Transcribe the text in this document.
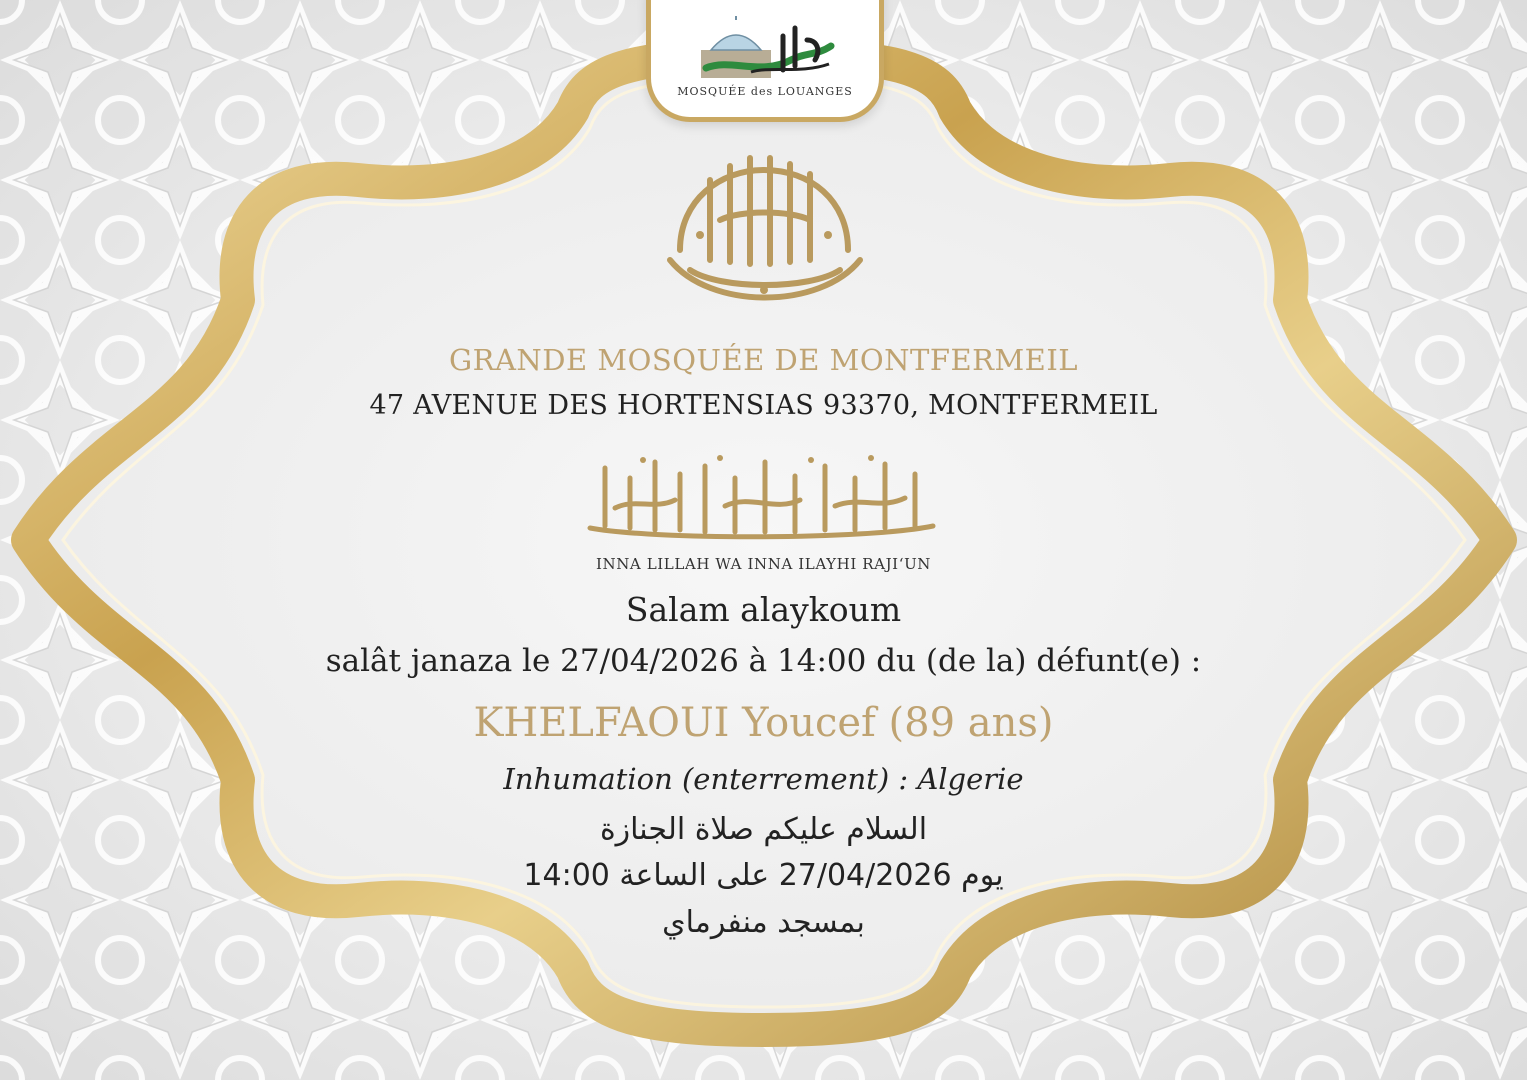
MOSQUÉE des LOUANGES
GRANDE MOSQUÉE DE MONTFERMEIL
47 AVENUE DES HORTENSIAS 93370, MONTFERMEIL
INNA LILLAH WA INNA ILAYHI RAJI‘UN
Salam alaykoum
salât janaza le 27/04/2026 à 14:00 du (de la) défunt(e) :
KHELFAOUI Youcef (89 ans)
Inhumation (enterrement) : Algerie
السلام عليكم صلاة الجنازة
يوم 27/04/2026 على الساعة 14:00
بمسجد منفرماي
